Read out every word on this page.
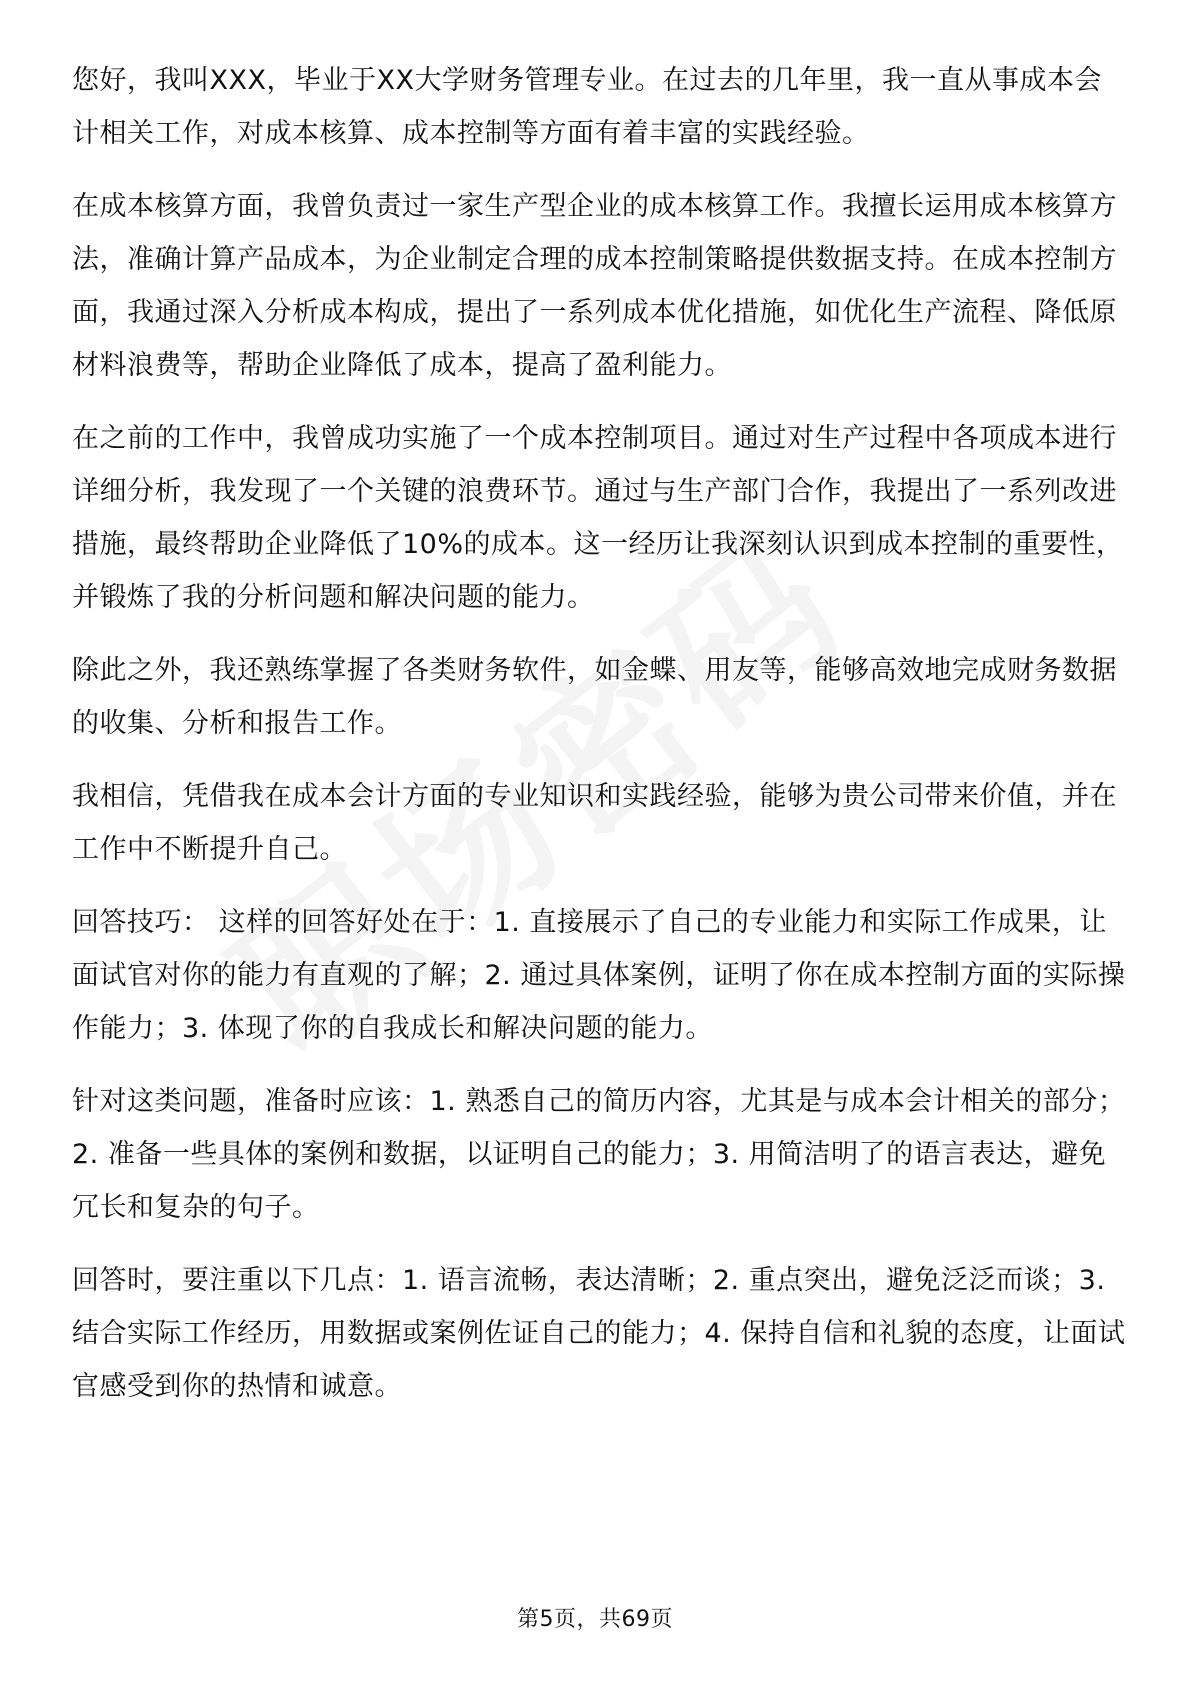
您好，我叫XXX，毕业于XX大学财务管理专业。在过去的几年里，我一直从事成本会计相关工作，对成本核算、成本控制等方面有着丰富的实践经验。

在成本核算方面，我曾负责过一家生产型企业的成本核算工作。我擅长运用成本核算方法，准确计算产品成本，为企业制定合理的成本控制策略提供数据支持。在成本控制方面，我通过深入分析成本构成，提出了一系列成本优化措施，如优化生产流程、降低原材料浪费等，帮助企业降低了成本，提高了盈利能力。

在之前的工作中，我曾成功实施了一个成本控制项目。通过对生产过程中各项成本进行详细分析，我发现了一个关键的浪费环节。通过与生产部门合作，我提出了一系列改进措施，最终帮助企业降低了10%的成本。这一经历让我深刻认识到成本控制的重要性，并锻炼了我的分析问题和解决问题的能力。

除此之外，我还熟练掌握了各类财务软件，如金蝶、用友等，能够高效地完成财务数据的收集、分析和报告工作。

我相信，凭借我在成本会计方面的专业知识和实践经验，能够为贵公司带来价值，并在工作中不断提升自己。

回答技巧： 这样的回答好处在于：1. 直接展示了自己的专业能力和实际工作成果，让面试官对你的能力有直观的了解；2. 通过具体案例，证明了你在成本控制方面的实际操作能力；3. 体现了你的自我成长和解决问题的能力。

针对这类问题，准备时应该：1. 熟悉自己的简历内容，尤其是与成本会计相关的部分；2. 准备一些具体的案例和数据，以证明自己的能力；3. 用简洁明了的语言表达，避免冗长和复杂的句子。

回答时，要注重以下几点：1. 语言流畅，表达清晰；2. 重点突出，避免泛泛而谈；3. 结合实际工作经历，用数据或案例佐证自己的能力；4. 保持自信和礼貌的态度，让面试官感受到你的热情和诚意。

第5页，共69页
